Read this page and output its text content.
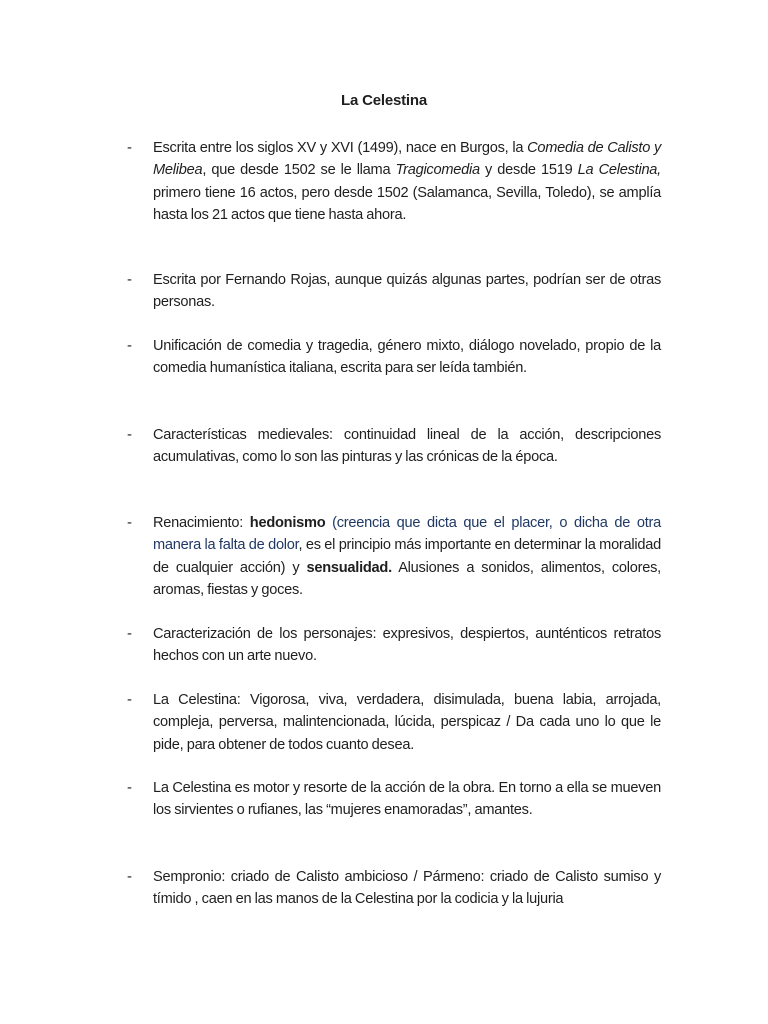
La Celestina
- Escrita entre los siglos XV y XVI (1499), nace en Burgos, la Comedia de Calisto y Melibea, que desde 1502 se le llama Tragicomedia y desde 1519 La Celestina, primero tiene 16 actos, pero desde 1502 (Salamanca, Sevilla, Toledo), se amplía hasta los 21 actos que tiene hasta ahora.
- Escrita por Fernando Rojas, aunque quizás algunas partes, podrían ser de otras personas.
- Unificación de comedia y tragedia, género mixto, diálogo novelado, propio de la comedia humanística italiana, escrita para ser leída también.
- Características medievales: continuidad lineal de la acción, descripciones acumulativas, como lo son las pinturas y las crónicas de la época.
- Renacimiento: hedonismo (creencia que dicta que el placer, o dicha de otra manera la falta de dolor, es el principio más importante en determinar la moralidad de cualquier acción) y sensualidad. Alusiones a sonidos, alimentos, colores, aromas, fiestas y goces.
- Caracterización de los personajes: expresivos, despiertos, aunténticos retratos hechos con un arte nuevo.
- La Celestina: Vigorosa, viva, verdadera, disimulada, buena labia, arrojada, compleja, perversa, malintencionada, lúcida, perspicaz / Da cada uno lo que le pide, para obtener de todos cuanto desea.
- La Celestina es motor y resorte de la acción de la obra. En torno a ella se mueven los sirvientes o rufianes, las “mujeres enamoradas”, amantes.
- Sempronio: criado de Calisto ambicioso / Pármeno: criado de Calisto sumiso y tímido , caen en las manos de la Celestina por la codicia y la lujuria
